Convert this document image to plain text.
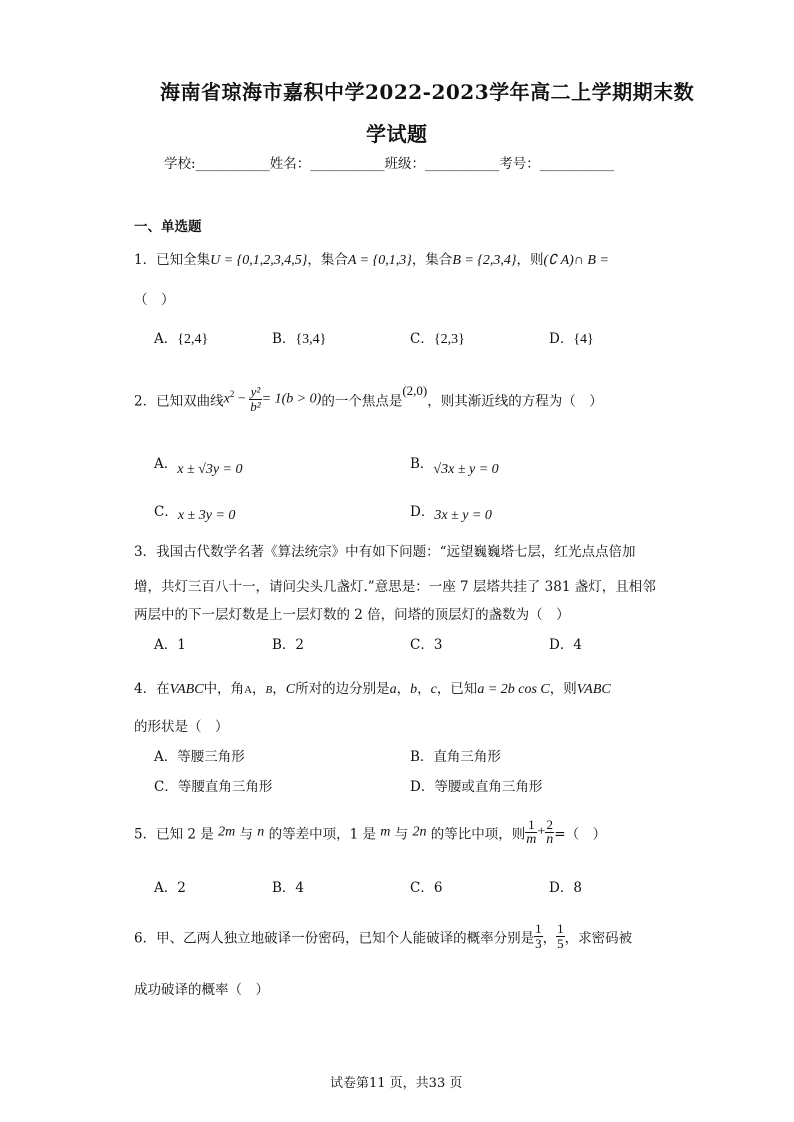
海南省琼海市嘉积中学2022-2023学年高二上学期期末数
学试题
学校:___________姓名：___________班级：___________考号：___________
一、单选题
1．已知全集U = {0,1,2,3,4,5}，集合A = {0,1,3}，集合B = {2,3,4}，则(∁ A)∩ B =
（　）
A．{2,4}	B．{3,4}	C．{2,3}	D．{4}
2．已知双曲线$x^2 - \frac{\text{y²}}{\text{b²}} = 1(b > 0)$的一个焦点是(2,0)，则其渐近线的方程为（　）
A．x ± √3y = 0	B．√3x ± y = 0
C．x ± 3y = 0	D．3x ± y = 0
3．我国古代数学名著《算法统宗》中有如下问题：“远望巍巍塔七层，红光点点倍加
增，共灯三百八十一，请问尖头几盏灯.”意思是：一座 7 层塔共挂了 381 盏灯，且相邻
两层中的下一层灯数是上一层灯数的 2 倍，问塔的顶层灯的盏数为（　）
A．1	B．2	C．3	D．4
4．在VABC中，角A，B，C所对的边分别是a，b，c，已知a = 2b cos C，则VABC
的形状是（　）
A．等腰三角形	B．直角三角形
C．等腰直角三角形	D．等腰或直角三角形
5．已知 2 是 2m 与 n 的等差中项，1 是 m 与 2n 的等比中项，则 $\frac{1}{m} + \frac{2}{n}$ =（　）
A．2	B．4	C．6	D．8
6．甲、乙两人独立地破译一份密码，已知个人能破译的概率分别是 $\frac{1}{3}$ ， $\frac{1}{5}$ ，求密码被
成功破译的概率（　）
试卷第11 页，共33 页
